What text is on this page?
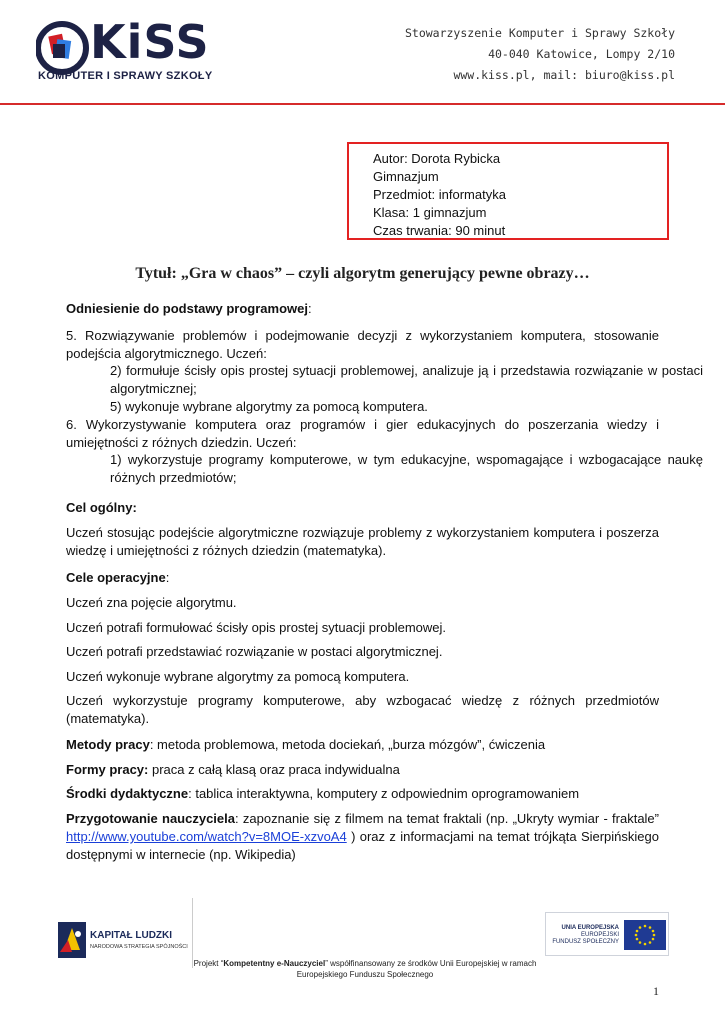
KiSS
KOMPUTER I SPRAWY SZKOŁY
Stowarzyszenie Komputer i Sprawy Szkoły
40-040 Katowice, Lompy 2/10
www.kiss.pl, mail: biuro@kiss.pl
Autor: Dorota Rybicka
Gimnazjum
Przedmiot: informatyka
Klasa: 1 gimnazjum
Czas trwania: 90 minut
Tytuł: „Gra w chaos” – czyli algorytm generujący pewne obrazy…
Odniesienie do podstawy programowej:
5. Rozwiązywanie problemów i podejmowanie decyzji z wykorzystaniem komputera, stosowanie podejścia algorytmicznego. Uczeń:
2) formułuje ścisły opis prostej sytuacji problemowej, analizuje ją i przedstawia rozwiązanie w postaci algorytmicznej;
5) wykonuje wybrane algorytmy za pomocą komputera.
6. Wykorzystywanie komputera oraz programów i gier edukacyjnych do poszerzania wiedzy i umiejętności z różnych dziedzin. Uczeń:
1) wykorzystuje programy komputerowe, w tym edukacyjne, wspomagające i wzbogacające naukę różnych przedmiotów;
Cel ogólny:
Uczeń stosując podejście algorytmiczne rozwiązuje problemy z wykorzystaniem komputera i poszerza wiedzę i umiejętności z różnych dziedzin (matematyka).
Cele operacyjne:
Uczeń zna pojęcie algorytmu.
Uczeń potrafi formułować ścisły opis prostej sytuacji problemowej.
Uczeń potrafi przedstawiać rozwiązanie w postaci algorytmicznej.
Uczeń wykonuje wybrane algorytmy za pomocą komputera.
Uczeń wykorzystuje programy komputerowe, aby wzbogacać wiedzę z różnych przedmiotów (matematyka).
Metody pracy: metoda problemowa, metoda dociekań, „burza mózgów”, ćwiczenia
Formy pracy: praca z całą klasą oraz praca indywidualna
Środki dydaktyczne: tablica interaktywna, komputery z odpowiednim oprogramowaniem
Przygotowanie nauczyciela: zapoznanie się z filmem na temat fraktali (np. „Ukryty wymiar - fraktale” http://www.youtube.com/watch?v=8MOE-xzvoA4 ) oraz z informacjami na temat trójkąta Sierpińskiego dostępnymi w internecie (np. Wikipedia)
KAPITAŁ LUDZKI
NARODOWA STRATEGIA SPÓJNOŚCI
UNIA EUROPEJSKA
EUROPEJSKI
FUNDUSZ SPOŁECZNY
Projekt “Kompetentny e-Nauczyciel” współfinansowany ze środków Unii Europejskiej w ramach Europejskiego Funduszu Społecznego
1
